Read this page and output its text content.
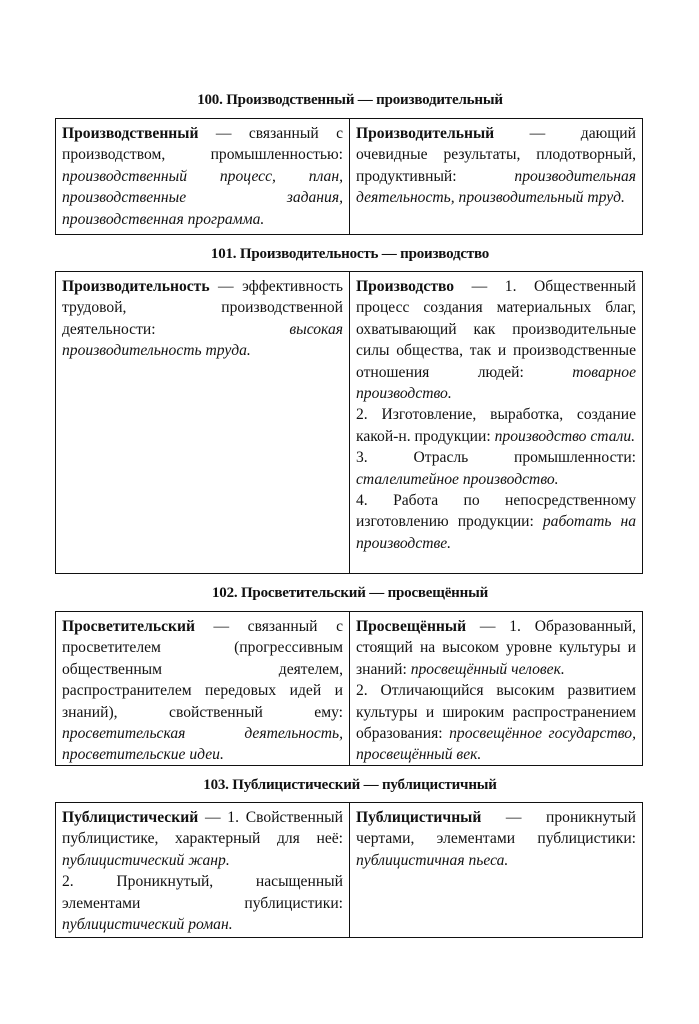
100. Производственный — производительный

Производственный — связанный с производством, промышленностью: производственный процесс, план, производственные задания, производственная программа.

Производительный — дающий очевидные результаты, плодотворный, продуктивный: производительная деятельность, производительный труд.

101. Производительность — производство

Производительность — эффективность трудовой, производственной деятельности: высокая производительность труда.

Производство — 1. Общественный процесс создания материальных благ, охватывающий как производительные силы общества, так и производственные отношения людей: товарное производство.

2. Изготовление, выработка, создание какой-н. продукции: производство стали.

3. Отрасль промышленности: сталелитейное производство.

4. Работа по непосредственному изготовлению продукции: работать на производстве.

102. Просветительский — просвещённый

Просветительский — связанный с просветителем (прогрессивным общественным деятелем, распространителем передовых идей и знаний), свойственный ему: просветительская деятельность, просветительские идеи.

Просвещённый — 1. Образованный, стоящий на высоком уровне культуры и знаний: просвещённый человек.

2. Отличающийся высоким развитием культуры и широким распространением образования: просвещённое государство, просвещённый век.

103. Публицистический — публицистичный

Публицистический — 1. Свойственный публицистике, характерный для неё: публицистический жанр.

2. Проникнутый, насыщенный элементами публицистики: публицистический роман.

Публицистичный — проникнутый чертами, элементами публицистики: публицистичная пьеса.
